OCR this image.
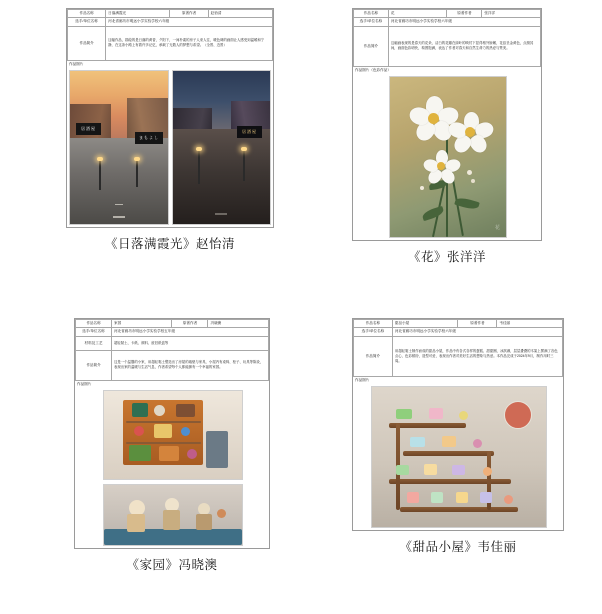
作品名称	日落满霞光	原著作者	赵怡清
选手/单位名称	河北省廊坊市明远小学实验学校六年级		
作品简介	这幅作品，描绘的是日落的黄昏，夕阳下，一间朴素的房子人来人往，暖色调的画面让人感受到温暖和宁静，在这条小路上有着许多记忆，承载了无数人的梦想与希望。（全景、近景）		
作品图片
居酒屋
まもよし
居酒屋
《日落满霞光》赵怡清
作品名称	花	原著作者	张洋洋
选手/单位名称	河北省廊坊市明远小学实验学校六年级		
作品简介	这幅画表现的是春天的花朵，洁白的花瓣在绿叶的映衬下显得格外娇嫩，花蕊呈金黄色，点缀其间，画面色彩明快，构图饱满，表达了作者对春天和自然生命力的热爱与赞美。		
作品图片（色彩作品）
花
《花》张洋洋
作品名称	家园	原著作者	冯晓澳
选手/单位名称	河北省廊坊市明远小学实验学校五年级		
材料及工艺	超轻黏土、卡纸、颜料、废旧纸盒等		
作品简介	这是一个温馨的小家，用超轻黏土塑造出了房屋的墙壁与家具，小屋内有桌椅、柜子、玩具等陈设，表现出家的温暖与生活气息，作者希望每个人都能拥有一个幸福的家园。		
作品图片
《家园》冯晓澳
作品名称	甜品小屋	原著作者	韦佳丽
选手/单位名称	河北省廊坊市明远小学实验学校六年级		
作品简介	用超轻黏土制作而成的甜品小屋，作品中有各式各样的蛋糕、甜甜圈、冰淇淋，层层叠叠的木架上摆满了各色点心，色彩缤纷，造型可爱，表现出作者对美好生活的想象与热爱。本作品完成于2024年9月，制作用时三周。		
作品图片
《甜品小屋》韦佳丽
